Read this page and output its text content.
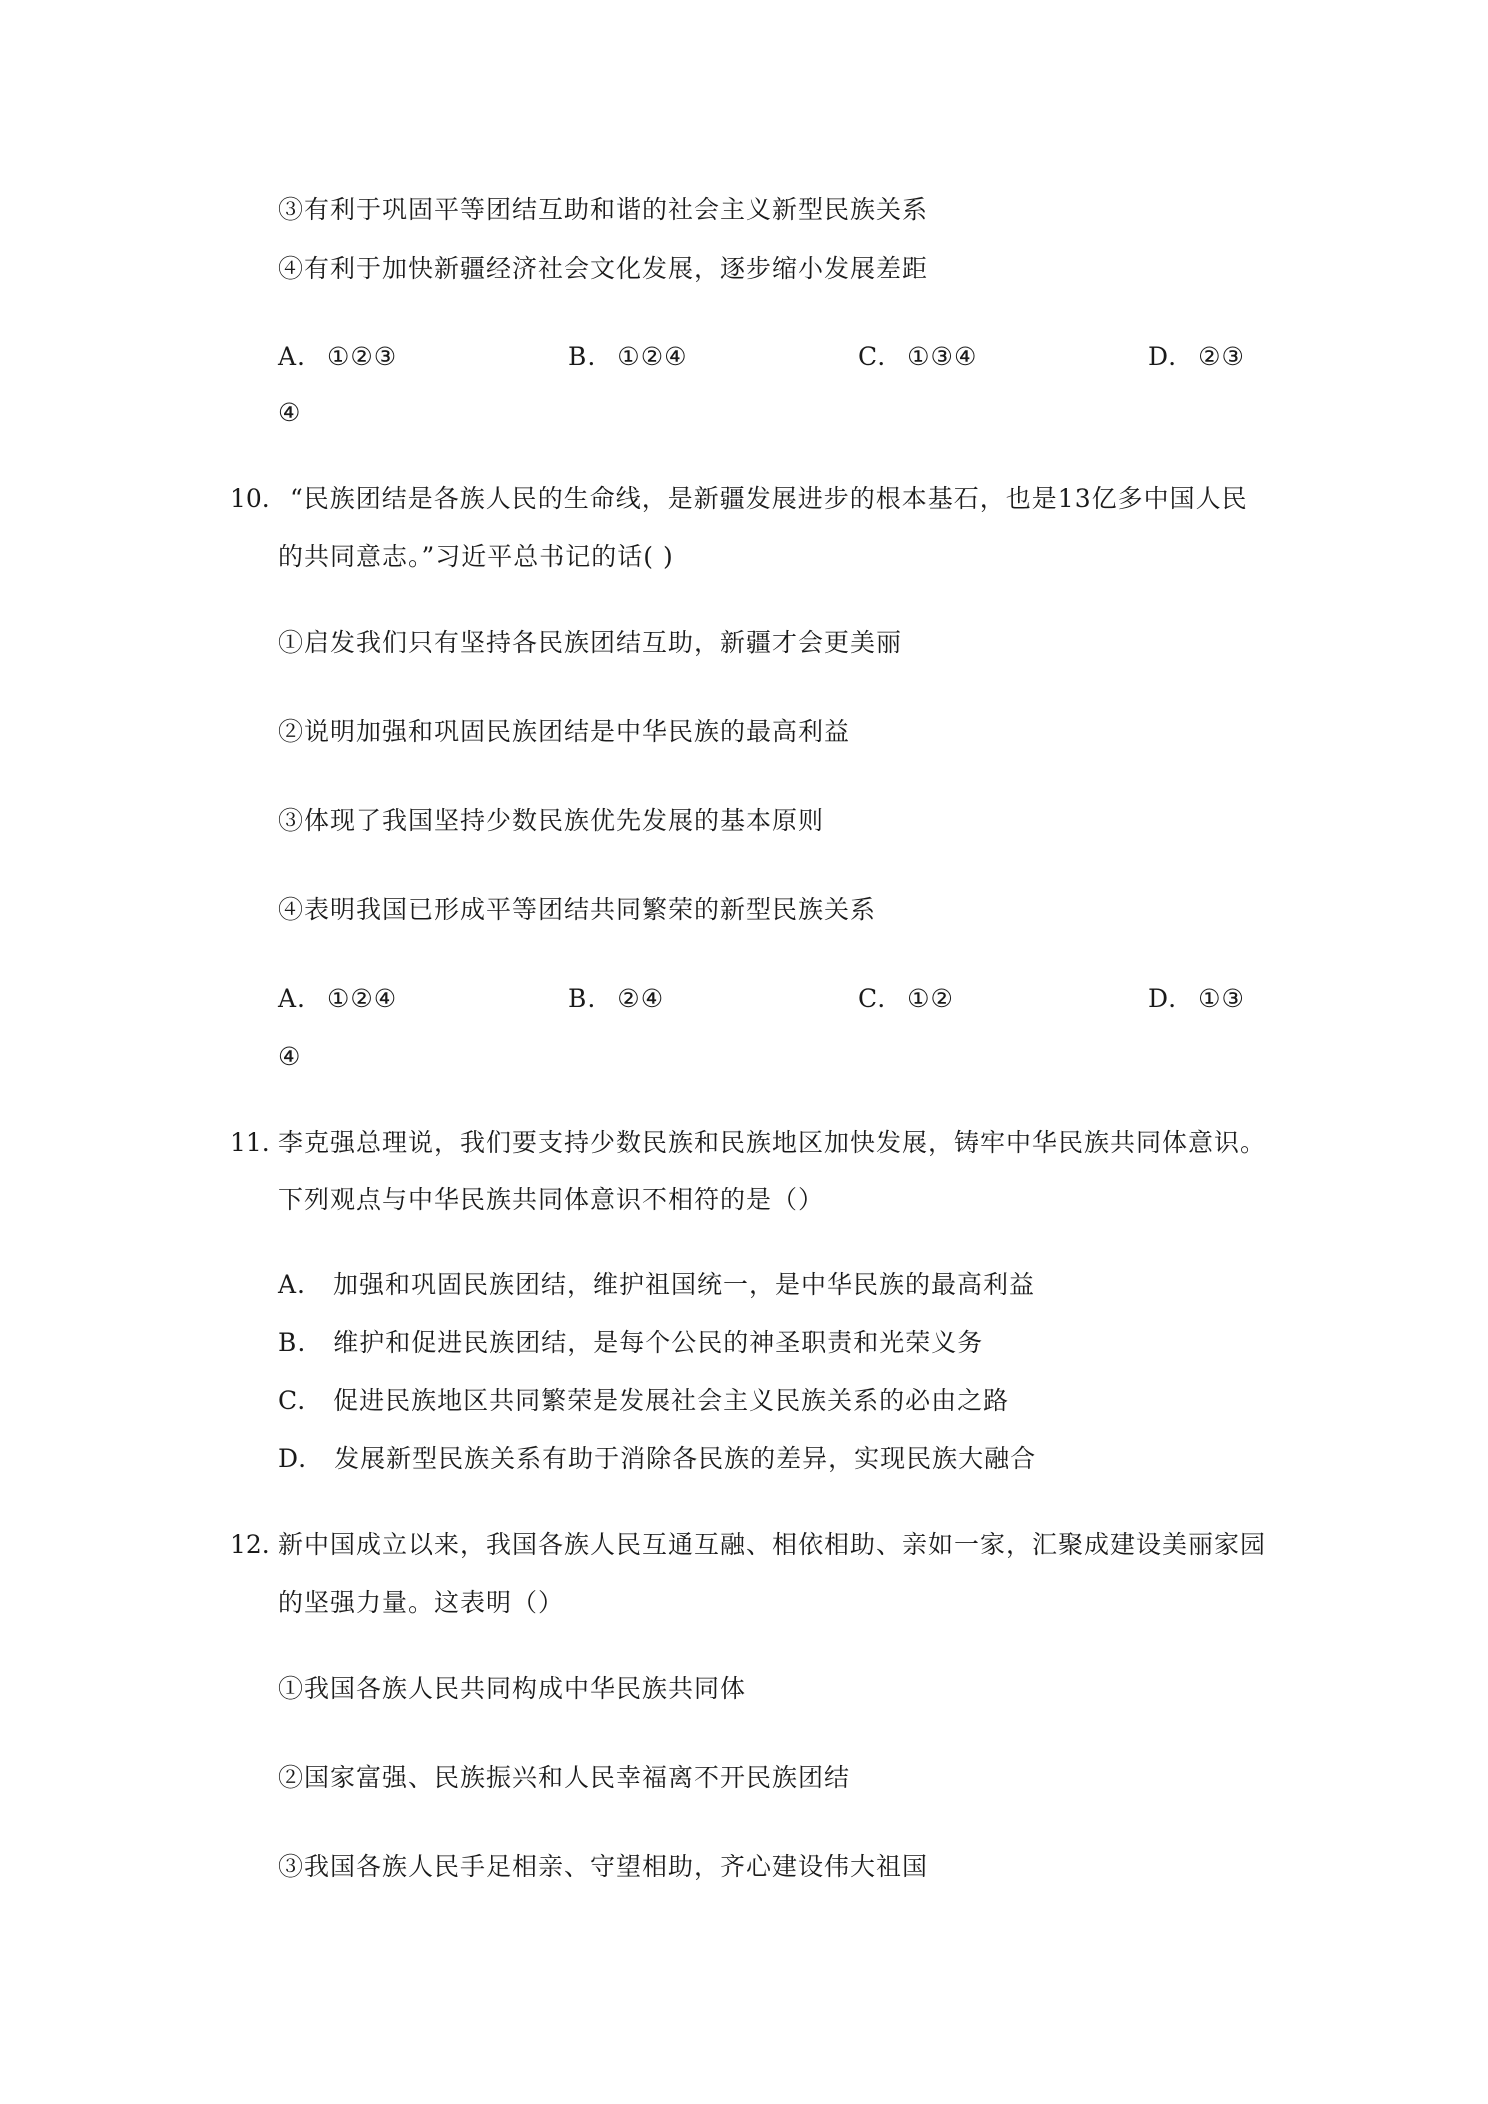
③有利于巩固平等团结互助和谐的社会主义新型民族关系
④有利于加快新疆经济社会文化发展，逐步缩小发展差距
A. ①②③	B. ①②④	C. ①③④	D. ②③
④
10. “民族团结是各族人民的生命线，是新疆发展进步的根本基石，也是13亿多中国人民
的共同意志。”习近平总书记的话( )
①启发我们只有坚持各民族团结互助，新疆才会更美丽
②说明加强和巩固民族团结是中华民族的最高利益
③体现了我国坚持少数民族优先发展的基本原则
④表明我国已形成平等团结共同繁荣的新型民族关系
A. ①②④	B. ②④	C. ①②	D. ①③
④
11. 李克强总理说，我们要支持少数民族和民族地区加快发展，铸牢中华民族共同体意识。
下列观点与中华民族共同体意识不相符的是（）
A. 加强和巩固民族团结，维护祖国统一，是中华民族的最高利益
B. 维护和促进民族团结，是每个公民的神圣职责和光荣义务
C. 促进民族地区共同繁荣是发展社会主义民族关系的必由之路
D. 发展新型民族关系有助于消除各民族的差异，实现民族大融合
12. 新中国成立以来，我国各族人民互通互融、相依相助、亲如一家，汇聚成建设美丽家园
的坚强力量。这表明（）
①我国各族人民共同构成中华民族共同体
②国家富强、民族振兴和人民幸福离不开民族团结
③我国各族人民手足相亲、守望相助，齐心建设伟大祖国
